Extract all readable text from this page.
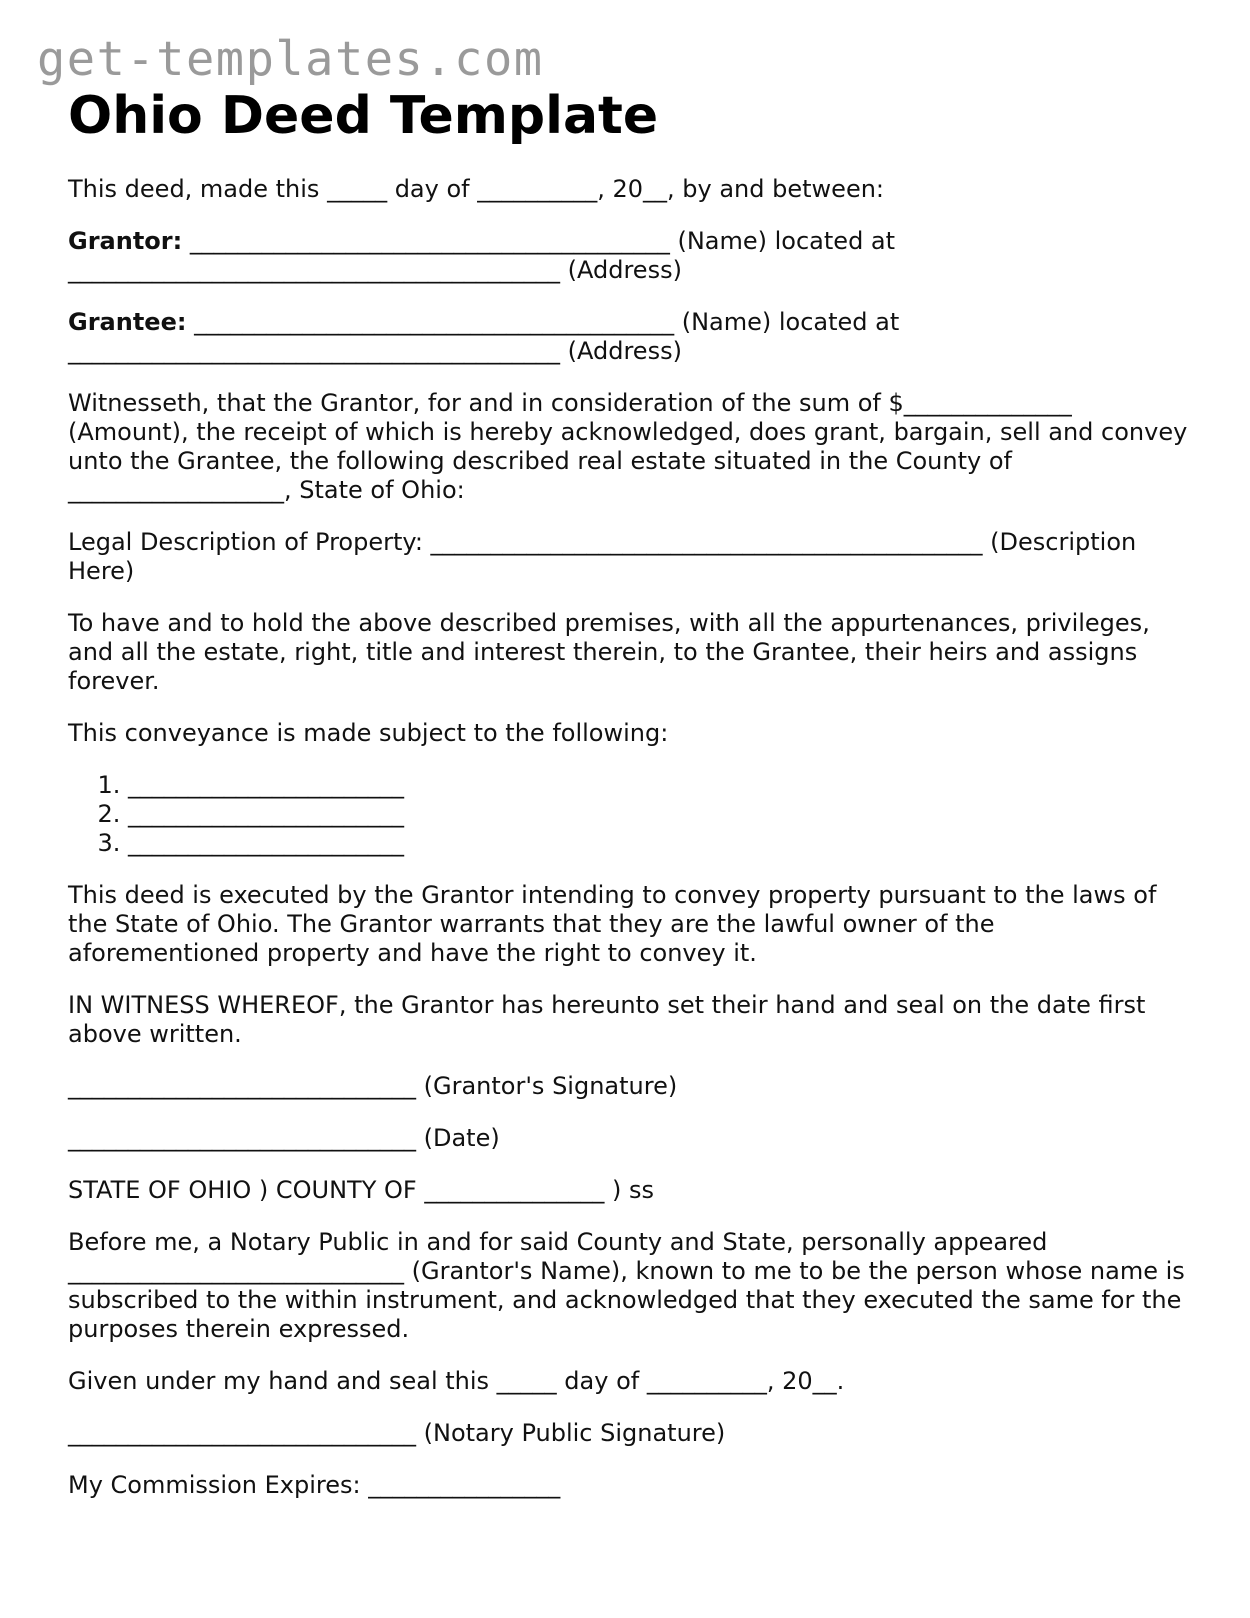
get-templates.com
Ohio Deed Template

This deed, made this _____ day of __________, 20__, by and between:

Grantor: ________________________________________ (Name) located at
_________________________________________ (Address)

Grantee: ________________________________________ (Name) located at
_________________________________________ (Address)

Witnesseth, that the Grantor, for and in consideration of the sum of $______________ (Amount), the receipt of which is hereby acknowledged, does grant, bargain, sell and convey unto the Grantee, the following described real estate situated in the County of __________________, State of Ohio:

Legal Description of Property: ______________________________________________ (Description Here)

To have and to hold the above described premises, with all the appurtenances, privileges, and all the estate, right, title and interest therein, to the Grantee, their heirs and assigns forever.

This conveyance is made subject to the following:

1. _______________________
2. _______________________
3. _______________________

This deed is executed by the Grantor intending to convey property pursuant to the laws of the State of Ohio. The Grantor warrants that they are the lawful owner of the aforementioned property and have the right to convey it.

IN WITNESS WHEREOF, the Grantor has hereunto set their hand and seal on the date first above written.

_____________________________ (Grantor's Signature)

_____________________________ (Date)

STATE OF OHIO ) COUNTY OF _______________ ) ss

Before me, a Notary Public in and for said County and State, personally appeared ____________________________ (Grantor's Name), known to me to be the person whose name is subscribed to the within instrument, and acknowledged that they executed the same for the purposes therein expressed.

Given under my hand and seal this _____ day of __________, 20__.

_____________________________ (Notary Public Signature)

My Commission Expires: ________________
